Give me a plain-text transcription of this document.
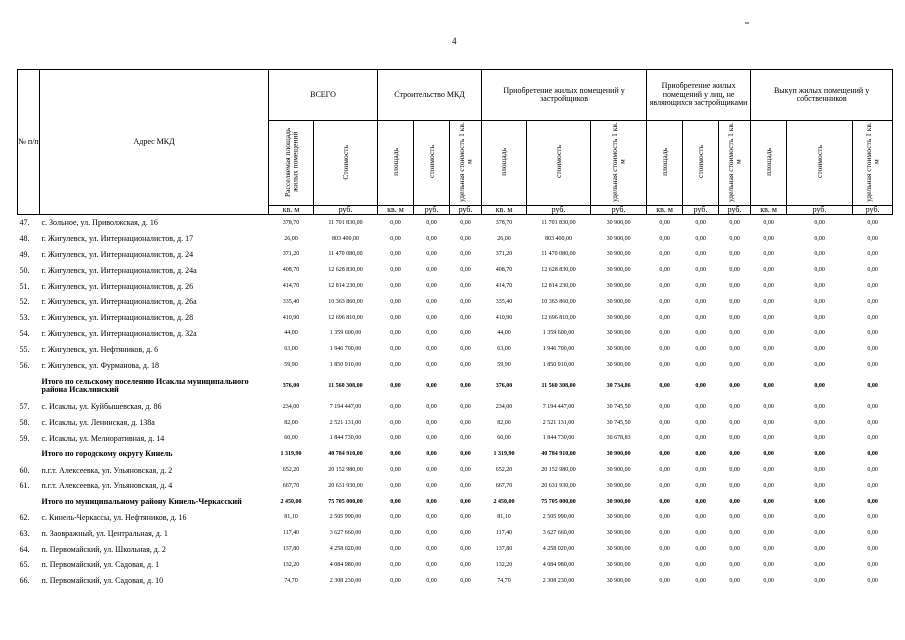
4
№ п/п	Адрес МКД	ВСЕГО		Строительство МКД			Приобретение жилых помещений у застройщиков			Приобретение жилых помещений у лиц, не являющихся застройщиками			Выкуп жилых помещений у собственников		
		Расселяемая площадь жилых помещений	Стоимость	площадь	стоимость	удельная стоимость 1 кв. м	площадь	стоимость	удельная стоимость 1 кв. м	площадь	стоимость	удельная стоимость 1 кв. м	площадь	стоимость	удельная стоимость 1 кв. м
		кв. м	руб.	кв. м	руб.	руб.	кв. м	руб.	руб.	кв. м	руб.	руб.	кв. м	руб.	руб.
47.	с. Зольное, ул. Приволжская, д. 16	378,70	11 701 830,00	0,00	0,00	0,00	378,70	11 701 830,00	30 900,00	0,00	0,00	0,00	0,00	0,00	0,00
48.	г. Жигулевск, ул. Интернационалистов, д. 17	26,00	803 400,00	0,00	0,00	0,00	26,00	803 400,00	30 900,00	0,00	0,00	0,00	0,00	0,00	0,00
49.	г. Жигулевск, ул. Интернационалистов, д. 24	371,20	11 470 080,00	0,00	0,00	0,00	371,20	11 470 080,00	30 900,00	0,00	0,00	0,00	0,00	0,00	0,00
50.	г. Жигулевск, ул. Интернационалистов, д. 24а	408,70	12 628 830,00	0,00	0,00	0,00	408,70	12 628 830,00	30 900,00	0,00	0,00	0,00	0,00	0,00	0,00
51.	г. Жигулевск, ул. Интернационалистов, д. 26	414,70	12 814 230,00	0,00	0,00	0,00	414,70	12 814 230,00	30 900,00	0,00	0,00	0,00	0,00	0,00	0,00
52.	г. Жигулевск, ул. Интернационалистов, д. 26а	335,40	10 363 860,00	0,00	0,00	0,00	335,40	10 363 860,00	30 900,00	0,00	0,00	0,00	0,00	0,00	0,00
53.	г. Жигулевск, ул. Интернационалистов, д. 28	410,90	12 696 810,00	0,00	0,00	0,00	410,90	12 696 810,00	30 900,00	0,00	0,00	0,00	0,00	0,00	0,00
54.	г. Жигулевск, ул. Интернационалистов, д. 32а	44,00	1 359 600,00	0,00	0,00	0,00	44,00	1 359 600,00	30 900,00	0,00	0,00	0,00	0,00	0,00	0,00
55.	г. Жигулевск, ул. Нефтяников, д. 6	63,00	1 946 700,00	0,00	0,00	0,00	63,00	1 946 700,00	30 900,00	0,00	0,00	0,00	0,00	0,00	0,00
56.	г. Жигулевск, ул. Фурманова, д. 18	59,90	1 850 910,00	0,00	0,00	0,00	59,90	1 850 910,00	30 900,00	0,00	0,00	0,00	0,00	0,00	0,00
	Итого по сельскому поселению Исаклы муниципального района Исаклинский	376,00	11 560 308,00	0,00	0,00	0,00	376,00	11 560 308,00	30 734,86	0,00	0,00	0,00	0,00	0,00	0,00
57.	с. Исаклы, ул. Куйбышевская, д. 86	234,00	7 194 447,00	0,00	0,00	0,00	234,00	7 194 447,00	30 745,50	0,00	0,00	0,00	0,00	0,00	0,00
58.	с. Исаклы, ул. Ленинская, д. 138а	82,00	2 521 131,00	0,00	0,00	0,00	82,00	2 521 131,00	30 745,50	0,00	0,00	0,00	0,00	0,00	0,00
59.	с. Исаклы, ул. Мелиоративная, д. 14	60,00	1 844 730,00	0,00	0,00	0,00	60,00	1 844 730,00	30 678,83	0,00	0,00	0,00	0,00	0,00	0,00
	Итого по городскому округу Кинель	1 319,90	40 784 910,00	0,00	0,00	0,00	1 319,90	40 784 910,00	30 900,00	0,00	0,00	0,00	0,00	0,00	0,00
60.	п.г.т. Алексеевка, ул. Ульяновская, д. 2	652,20	20 152 980,00	0,00	0,00	0,00	652,20	20 152 980,00	30 900,00	0,00	0,00	0,00	0,00	0,00	0,00
61.	п.г.т. Алексеевка, ул. Ульяновская, д. 4	667,70	20 631 930,00	0,00	0,00	0,00	667,70	20 631 930,00	30 900,00	0,00	0,00	0,00	0,00	0,00	0,00
	Итого по муниципальному району Кинель-Черкасский	2 450,00	75 705 000,00	0,00	0,00	0,00	2 450,00	75 705 000,00	30 900,00	0,00	0,00	0,00	0,00	0,00	0,00
62.	с. Кинель-Черкассы, ул. Нефтяников, д. 16	81,10	2 505 990,00	0,00	0,00	0,00	81,10	2 505 990,00	30 900,00	0,00	0,00	0,00	0,00	0,00	0,00
63.	п. Заовражный, ул. Центральная, д. 1	117,40	3 627 660,00	0,00	0,00	0,00	117,40	3 627 660,00	30 900,00	0,00	0,00	0,00	0,00	0,00	0,00
64.	п. Первомайский, ул. Школьная, д. 2	137,80	4 258 020,00	0,00	0,00	0,00	137,80	4 258 020,00	30 900,00	0,00	0,00	0,00	0,00	0,00	0,00
65.	п. Первомайский, ул. Садовая, д. 1	132,20	4 084 980,00	0,00	0,00	0,00	132,20	4 084 980,00	30 900,00	0,00	0,00	0,00	0,00	0,00	0,00
66.	п. Первомайский, ул. Садовая, д. 10	74,70	2 308 230,00	0,00	0,00	0,00	74,70	2 308 230,00	30 900,00	0,00	0,00	0,00	0,00	0,00	0,00
